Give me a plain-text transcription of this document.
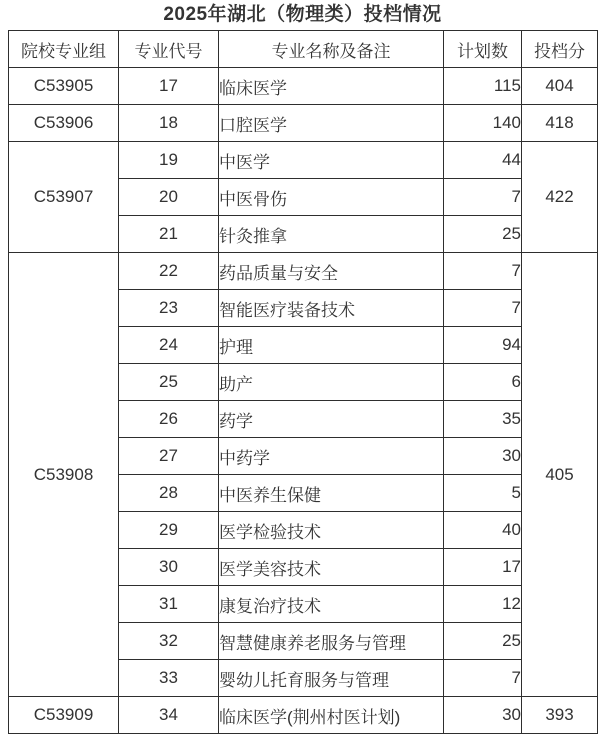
2025年湖北（物理类）投档情况
院校专业组	专业代号	专业名称及备注	计划数	投档分
C53905	17	临床医学	115	404
C53906	18	口腔医学	140	418
C53907	19	中医学	44	422
	20	中医骨伤	7	
	21	针灸推拿	25	
C53908	22	药品质量与安全	7	405
	23	智能医疗装备技术	7	
	24	护理	94	
	25	助产	6	
	26	药学	35	
	27	中药学	30	
	28	中医养生保健	5	
	29	医学检验技术	40	
	30	医学美容技术	17	
	31	康复治疗技术	12	
	32	智慧健康养老服务与管理	25	
	33	婴幼儿托育服务与管理	7	
C53909	34	临床医学(荆州村医计划)	30	393
